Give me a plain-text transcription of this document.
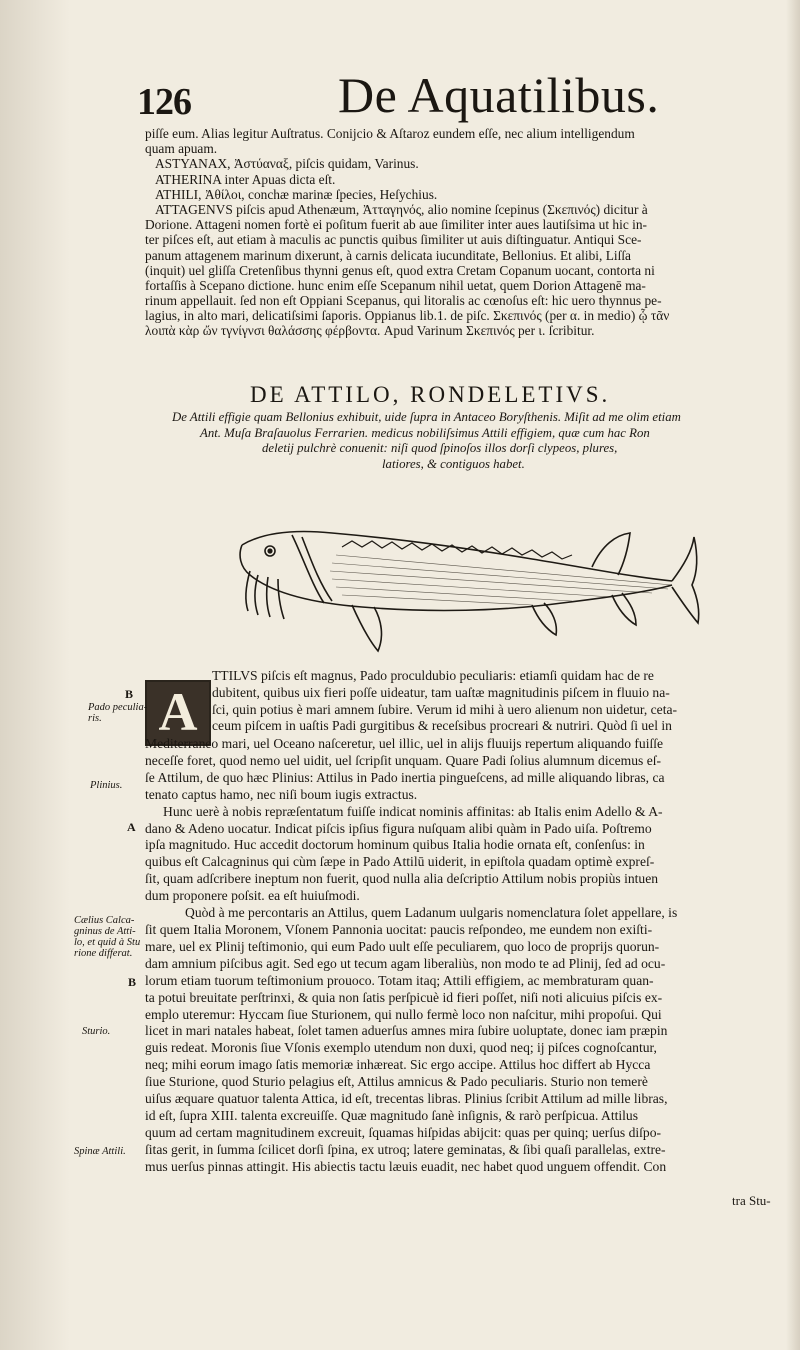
126	De Aquatilibus.
piſſe eum. Alias legitur Auſtratus. Conijcio & Aſtaroz eundem eſſe, nec alium intelligendum
quam apuam.
ASTYANAX, Ἀστύαναξ, piſcis quidam, Varinus.
ATHERINA inter Apuas dicta eſt.
ATHILI, Ἀθίλοι, conchæ marinæ ſpecies, Heſychius.
ATTAGENVS piſcis apud Athenæum, Ἀτταγηνός, alio nomine ſcepinus (Σκεπινός) dicitur à
Dorione. Attageni nomen fortè ei poſitum fuerit ab aue ſimiliter inter aues lautiſsima ut hic in-
ter piſces eſt, aut etiam à maculis ac punctis quibus ſimiliter ut auis diſtinguatur. Antiqui Sce-
panum attagenem marinum dixerunt, à carnis delicata iucunditate, Bellonius. Et alibi, Liſſa
(inquit) uel gliſſa Cretenſibus thynni genus eſt, quod extra Cretam Copanum uocant, contorta ni
fortaſſis à Scepano dictione. hunc enim eſſe Scepanum nihil uetat, quem Dorion Attagenē ma-
rinum appellauit. ſed non eſt Oppiani Scepanus, qui litoralis ac cœnoſus eſt: hic uero thynnus pe-
lagius, in alto mari, delicatiſsimi ſaporis. Oppianus lib.1. de piſc. Σκεπινός (per α. in medio) ᾧ τᾶν
λοιπὰ κὰρ ὤν τγνίγνσι θαλάσσης φέρβοντα. Apud Varinum Σκεπινός per ι. ſcribitur.
DE ATTILO, RONDELETIVS.
De Attili effigie quam Bellonius exhibuit, uide ſupra in Antaceo Boryſthenis. Miſit ad me olim etiam
Ant. Muſa Braſauolus Ferrarien. medicus nobiliſsimus Attili effigiem, quæ cum hac Ron
deletij pulchrè conuenit: niſi quod ſpinoſos illos dorſi clypeos, plures,
latiores, & contiguos habet.
A
TTILVS piſcis eſt magnus, Pado proculdubio peculiaris: etiamſi quidam hac de re
dubitent, quibus uix fieri poſſe uideatur, tam uaſtæ magnitudinis piſcem in fluuio na-
ſci, quin potius è mari amnem ſubire. Verum id mihi à uero alienum non uidetur, ceta-
ceum piſcem in uaſtis Padi gurgitibus & receſsibus procreari & nutriri. Quòd ſi uel in
Mediterraneo mari, uel Oceano naſceretur, uel illic, uel in alijs fluuijs repertum aliquando fuiſſe
neceſſe foret, quod nemo uel uidit, uel ſcripſit unquam. Quare Padi ſolius alumnum dicemus eſ-
ſe Attilum, de quo hæc Plinius: Attilus in Pado inertia pingueſcens, ad mille aliquando libras, ca
tenato captus hamo, nec niſi boum iugis extractus.
Hunc uerè à nobis repræſentatum fuiſſe indicat nominis affinitas: ab Italis enim Adello & A-
dano & Adeno uocatur. Indicat piſcis ipſius figura nuſquam alibi quàm in Pado uiſa. Poſtremo
ipſa magnitudo. Huc accedit doctorum hominum quibus Italia hodie ornata eſt, conſenſus: in
quibus eſt Calcagninus qui cùm ſæpe in Pado Attilū uiderit, in epiſtola quadam optimè expreſ-
ſit, quam adſcribere ineptum non fuerit, quod nulla alia deſcriptio Attilum nobis propiùs intuen
dum proponere poſsit. ea eſt huiuſmodi.
Quòd à me percontaris an Attilus, quem Ladanum uulgaris nomenclatura ſolet appellare, is
ſit quem Italia Moronem, Vſonem Pannonia uocitat: paucis reſpondeo, me eundem non exiſti-
mare, uel ex Plinij teſtimonio, qui eum Pado uult eſſe peculiarem, quo loco de proprijs quorun-
dam amnium piſcibus agit. Sed ego ut tecum agam liberaliùs, non modo te ad Plinij, ſed ad ocu-
lorum etiam tuorum teſtimonium prouoco. Totam itaq; Attili effigiem, ac membraturam quan-
ta potui breuitate perſtrinxi, & quia non ſatis perſpicuè id fieri poſſet, niſi noti alicuius piſcis ex-
emplo uteremur: Hyccam ſiue Sturionem, qui nullo fermè loco non naſcitur, mihi propoſui. Qui
licet in mari natales habeat, ſolet tamen aduerſus amnes mira ſubire uoluptate, donec iam præpin
guis redeat. Moronis ſiue Vſonis exemplo utendum non duxi, quod neq; ij piſces cognoſcantur,
neq; mihi eorum imago ſatis memoriæ inhæreat. Sic ergo accipe. Attilus hoc differt ab Hycca
ſiue Sturione, quod Sturio pelagius eſt, Attilus amnicus & Pado peculiaris. Sturio non temerè
uiſus æquare quatuor talenta Attica, id eſt, trecentas libras. Plinius ſcribit Attilum ad mille libras,
id eſt, ſupra XIII. talenta excreuiſſe. Quæ magnitudo ſanè inſignis, & rarò perſpicua. Attilus
quum ad certam magnitudinem excreuit, ſquamas hiſpidas abijcit: quas per quinq; uerſus diſpo-
ſitas gerit, in ſumma ſcilicet dorſi ſpina, ex utroq; latere geminatas, & ſibi quaſi parallelas, extre-
mus uerſus pinnas attingit. His abiectis tactu læuis euadit, nec habet quod unguem offendit. Con
tra Stu-
Pado peculia-ris.
Plinius.
Cælius Calca-gninus de Atti-lo, et quid à Stu rione differat.
Sturio.
Spinæ Attili.
B
A
B
